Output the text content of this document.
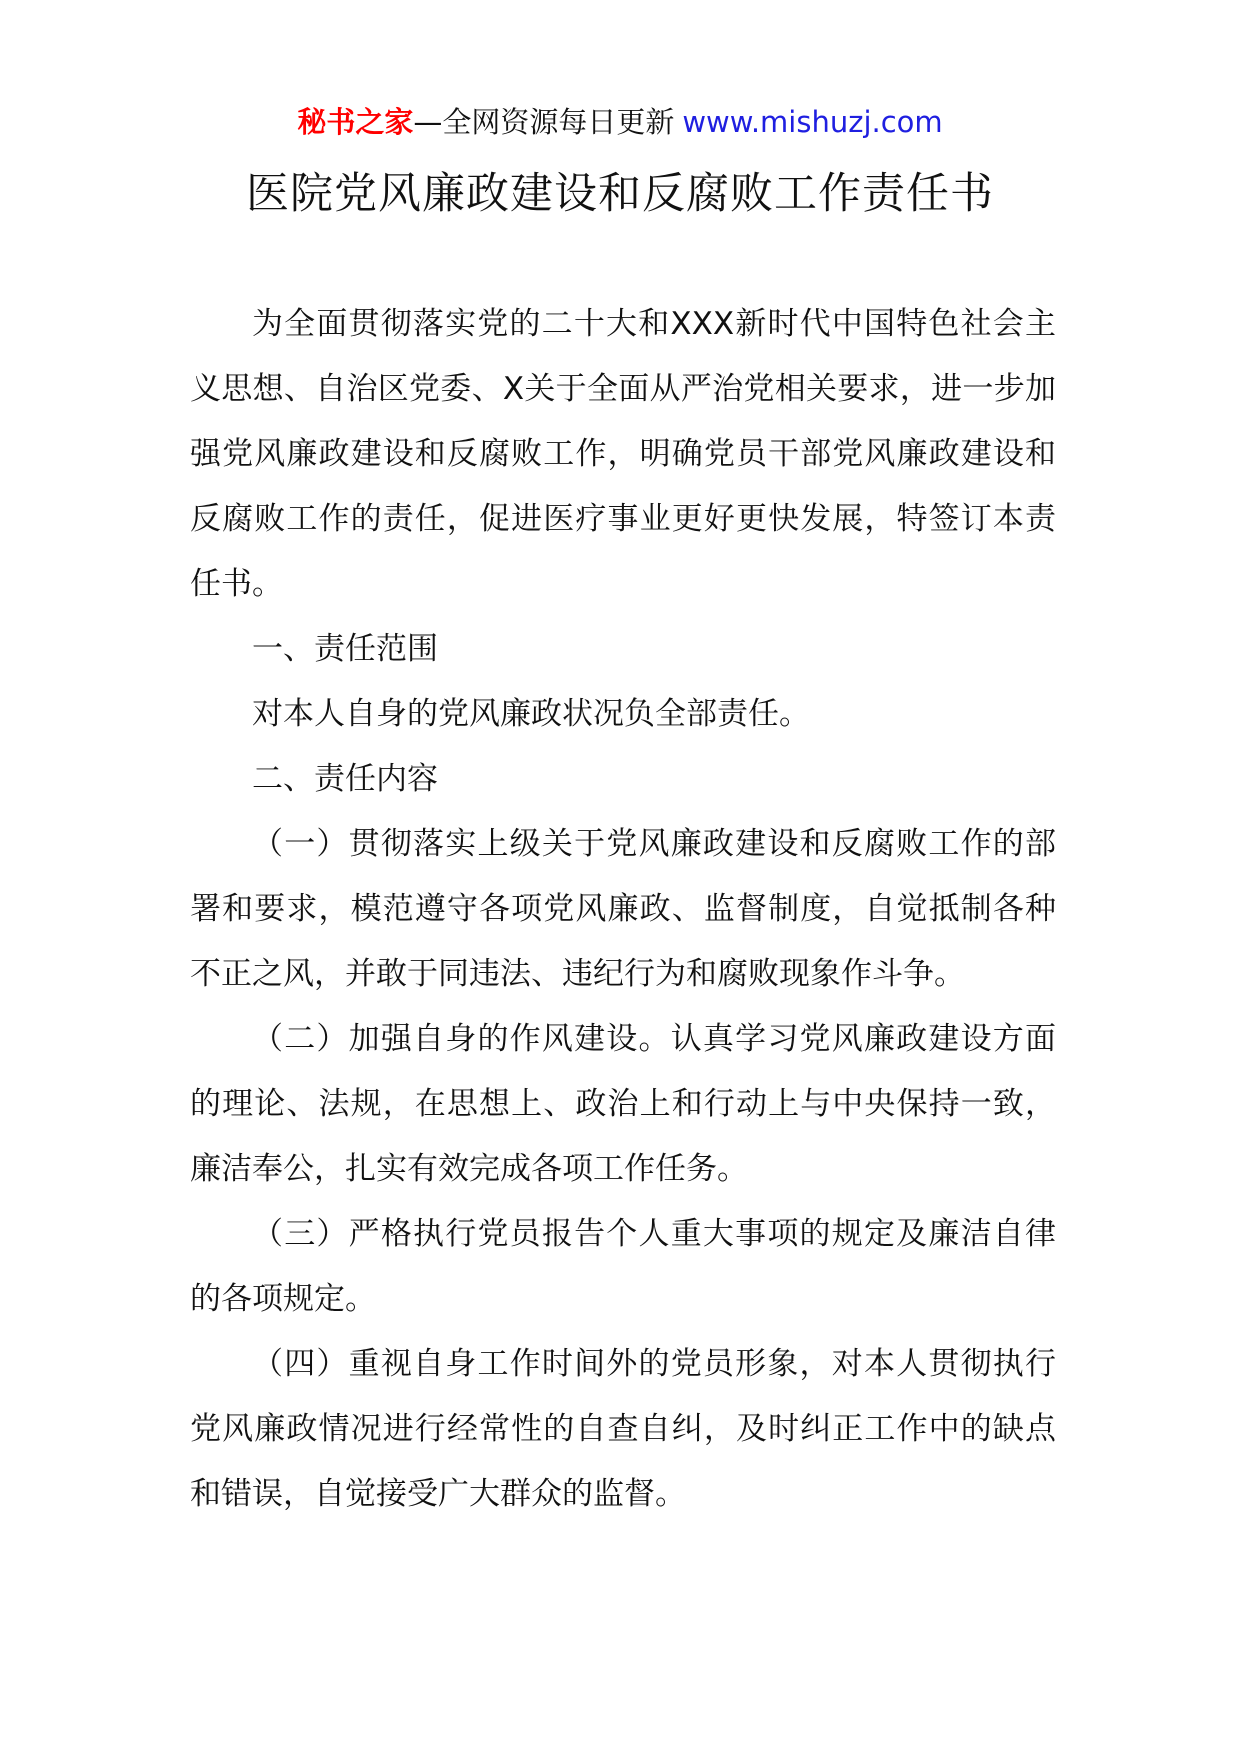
秘书之家—全网资源每日更新 www.mishuzj.com
医院党风廉政建设和反腐败工作责任书

为全面贯彻落实党的二十大和XXX新时代中国特色社会主义思想、自治区党委、X关于全面从严治党相关要求，进一步加强党风廉政建设和反腐败工作，明确党员干部党风廉政建设和反腐败工作的责任，促进医疗事业更好更快发展，特签订本责任书。

一、责任范围

对本人自身的党风廉政状况负全部责任。

二、责任内容

（一）贯彻落实上级关于党风廉政建设和反腐败工作的部署和要求，模范遵守各项党风廉政、监督制度，自觉抵制各种不正之风，并敢于同违法、违纪行为和腐败现象作斗争。

（二）加强自身的作风建设。认真学习党风廉政建设方面的理论、法规，在思想上、政治上和行动上与中央保持一致，廉洁奉公，扎实有效完成各项工作任务。

（三）严格执行党员报告个人重大事项的规定及廉洁自律的各项规定。

（四）重视自身工作时间外的党员形象，对本人贯彻执行党风廉政情况进行经常性的自查自纠，及时纠正工作中的缺点和错误，自觉接受广大群众的监督。
